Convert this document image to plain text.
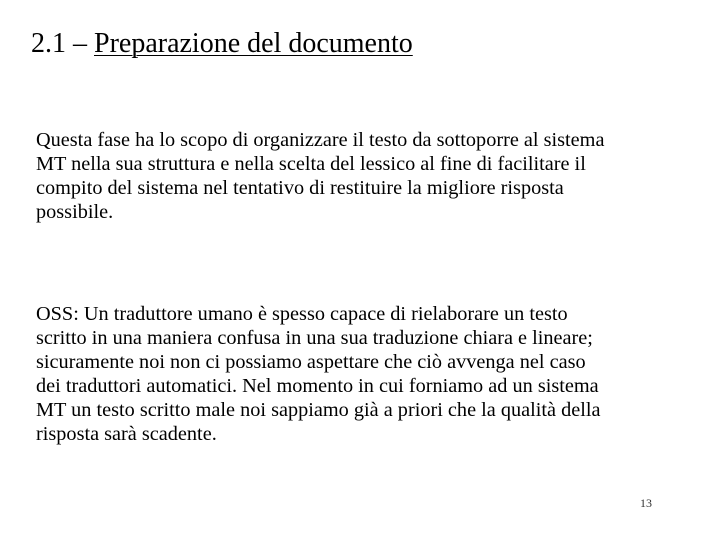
2.1 – Preparazione del documento

Questa fase ha lo scopo di organizzare il testo da sottoporre al sistema
MT nella sua struttura e nella scelta del lessico al fine di facilitare il
compito del sistema nel tentativo di restituire la migliore risposta
possibile.

OSS: Un traduttore umano è spesso capace di rielaborare un testo
scritto in una maniera confusa in una sua traduzione chiara e lineare;
sicuramente noi non ci possiamo aspettare che ciò avvenga nel caso
dei traduttori automatici. Nel momento in cui forniamo ad un sistema
MT un testo scritto male noi sappiamo già a priori che la qualità della
risposta sarà scadente.

13
